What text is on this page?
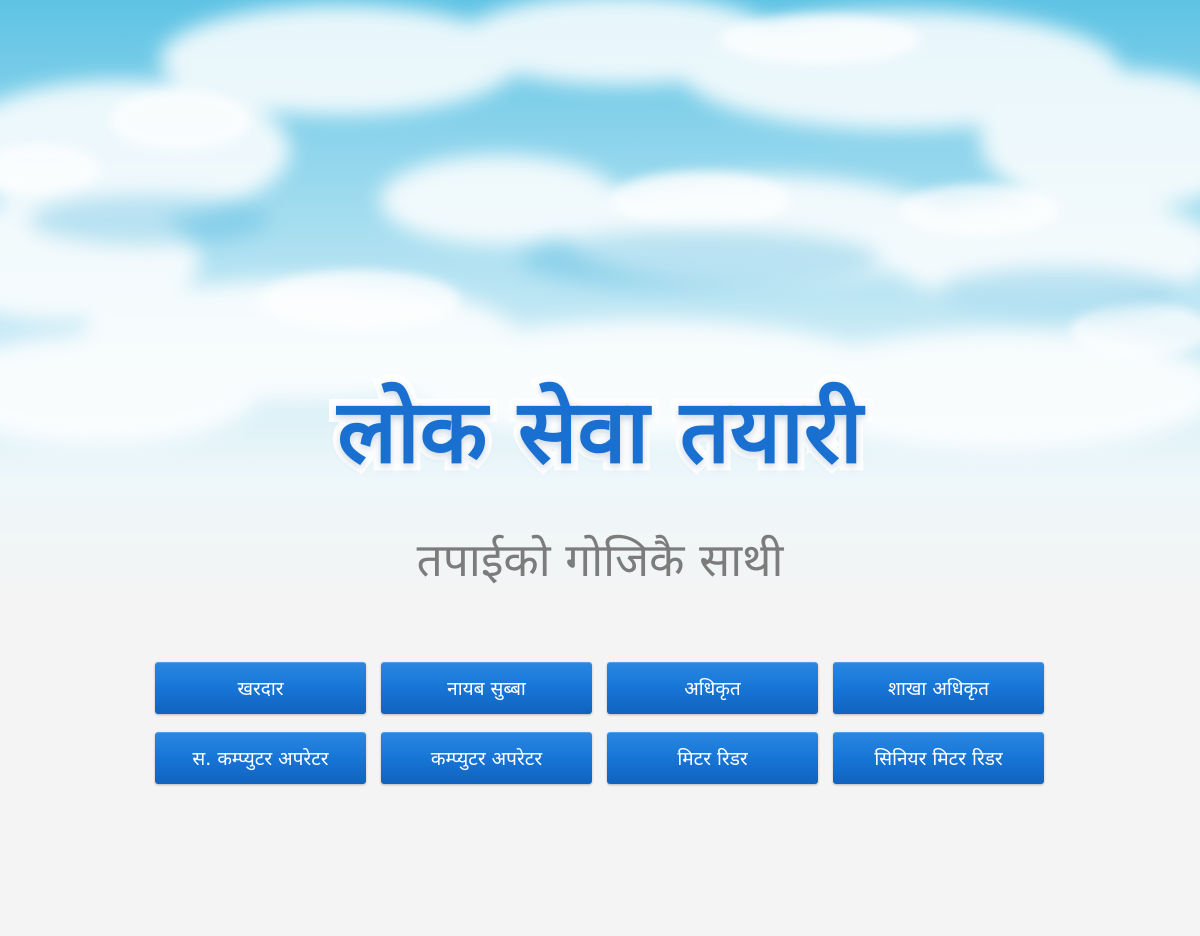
लोक सेवा तयारी
तपाईको गोजिकै साथी
खरदार	नायब सुब्बा	अधिकृत	शाखा अधिकृत
स. कम्प्युटर अपरेटर	कम्प्युटर अपरेटर	मिटर रिडर	सिनियर मिटर रिडर
